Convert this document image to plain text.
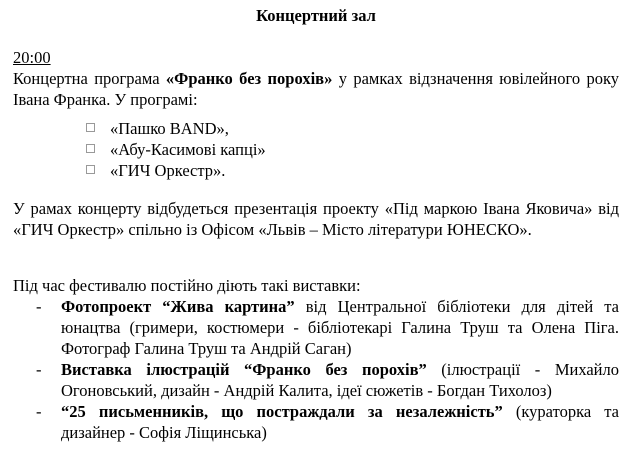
Концертний зал
20:00
Концертна програма «Франко без порохів» у рамках відзначення ювілейного року Івана Франка. У програмі:
«Пашко BAND»,
«Абу-Касимові капці»
«ГИЧ Оркестр».
У рамах концерту відбудеться презентація проекту «Під маркою Івана Яковича» від «ГИЧ Оркестр» спільно із Офісом «Львів – Місто літератури ЮНЕСКО».
Під час фестивалю постійно діють такі виставки:
- Фотопроект “Жива картина” від Центральної бібліотеки для дітей та юнацтва (гримери, костюмери - бібліотекарі Галина Труш та Олена Піга. Фотограф Галина Труш та Андрій Саган)
- Виставка ілюстрацій “Франко без порохів” (ілюстрації - Михайло Огоновський, дизайн - Андрій Калита, ідеї сюжетів - Богдан Тихолоз)
- “25 письменників, що постраждали за незалежність” (кураторка та дизайнер - Софія Ліщинська)
